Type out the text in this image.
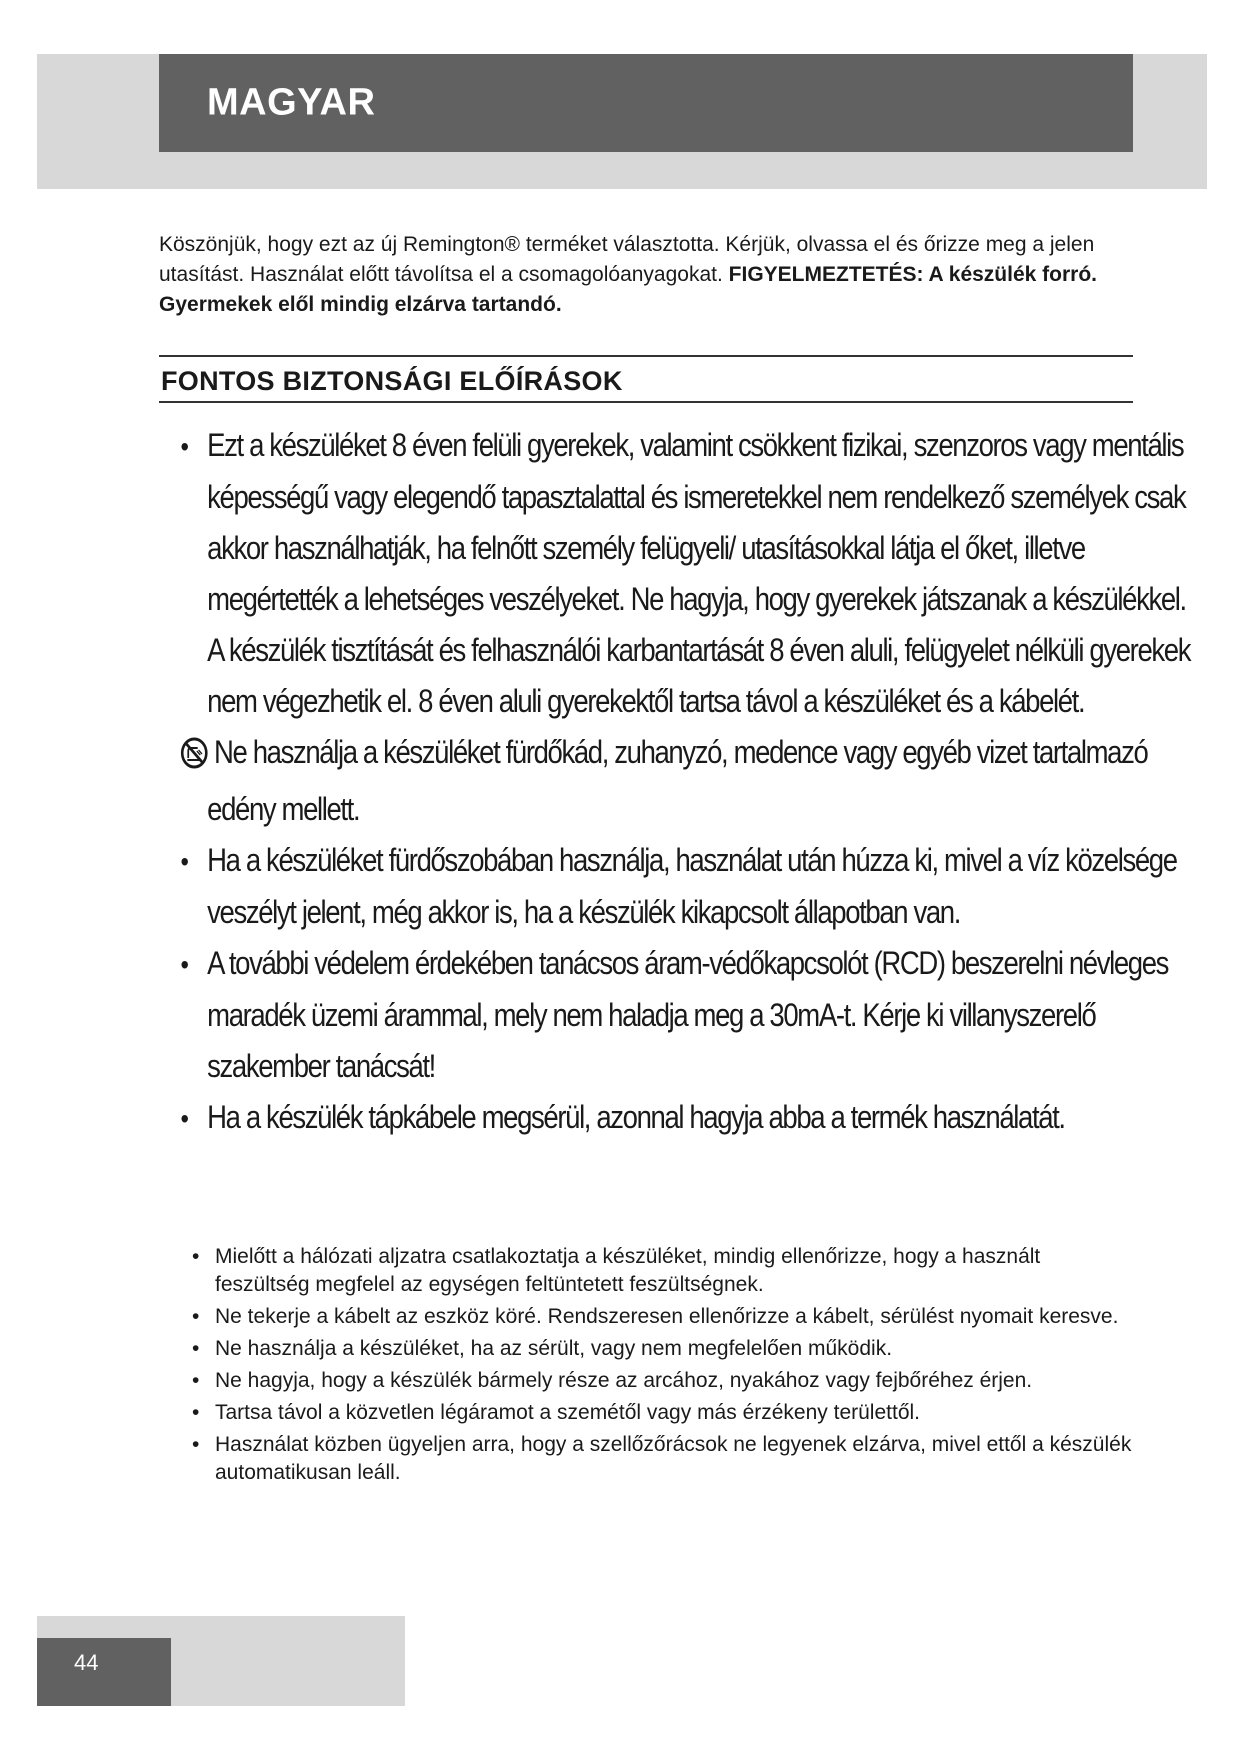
MAGYAR

Köszönjük, hogy ezt az új Remington® terméket választotta. Kérjük, olvassa el és őrizze meg a jelen utasítást. Használat előtt távolítsa el a csomagolóanyagokat. FIGYELMEZTETÉS: A készülék forró. Gyermekek elől mindig elzárva tartandó.

FONTOS BIZTONSÁGI ELŐÍRÁSOK
• Ezt a készüléket 8 éven felüli gyerekek, valamint csökkent fizikai, szenzoros vagy mentális képességű vagy elegendő tapasztalattal és ismeretekkel nem rendelkező személyek csak akkor használhatják, ha felnőtt személy felügyeli/ utasításokkal látja el őket, illetve megértették a lehetséges veszélyeket. Ne hagyja, hogy gyerekek játszanak a készülékkel. A készülék tisztítását és felhasználói karbantartását 8 éven aluli, felügyelet nélküli gyerekek nem végezhetik el. 8 éven aluli gyerekektől tartsa távol a készüléket és a kábelét.
Ne használja a készüléket fürdőkád, zuhanyzó, medence vagy egyéb vizet tartalmazó edény mellett.
• Ha a készüléket fürdőszobában használja, használat után húzza ki, mivel a víz közelsége veszélyt jelent, még akkor is, ha a készülék kikapcsolt állapotban van.
• A további védelem érdekében tanácsos áram-védőkapcsolót (RCD) beszerelni névleges maradék üzemi árammal, mely nem haladja meg a 30mA-t. Kérje ki villanyszerelő szakember tanácsát!
• Ha a készülék tápkábele megsérül, azonnal hagyja abba a termék használatát.
• Mielőtt a hálózati aljzatra csatlakoztatja a készüléket, mindig ellenőrizze, hogy a használt feszültség megfelel az egységen feltüntetett feszültségnek.
• Ne tekerje a kábelt az eszköz köré. Rendszeresen ellenőrizze a kábelt, sérülést nyomait keresve.
• Ne használja a készüléket, ha az sérült, vagy nem megfelelően működik.
• Ne hagyja, hogy a készülék bármely része az arcához, nyakához vagy fejbőréhez érjen.
• Tartsa távol a közvetlen légáramot a szemétől vagy más érzékeny területtől.
• Használat közben ügyeljen arra, hogy a szellőzőrácsok ne legyenek elzárva, mivel ettől a készülék automatikusan leáll.
44
